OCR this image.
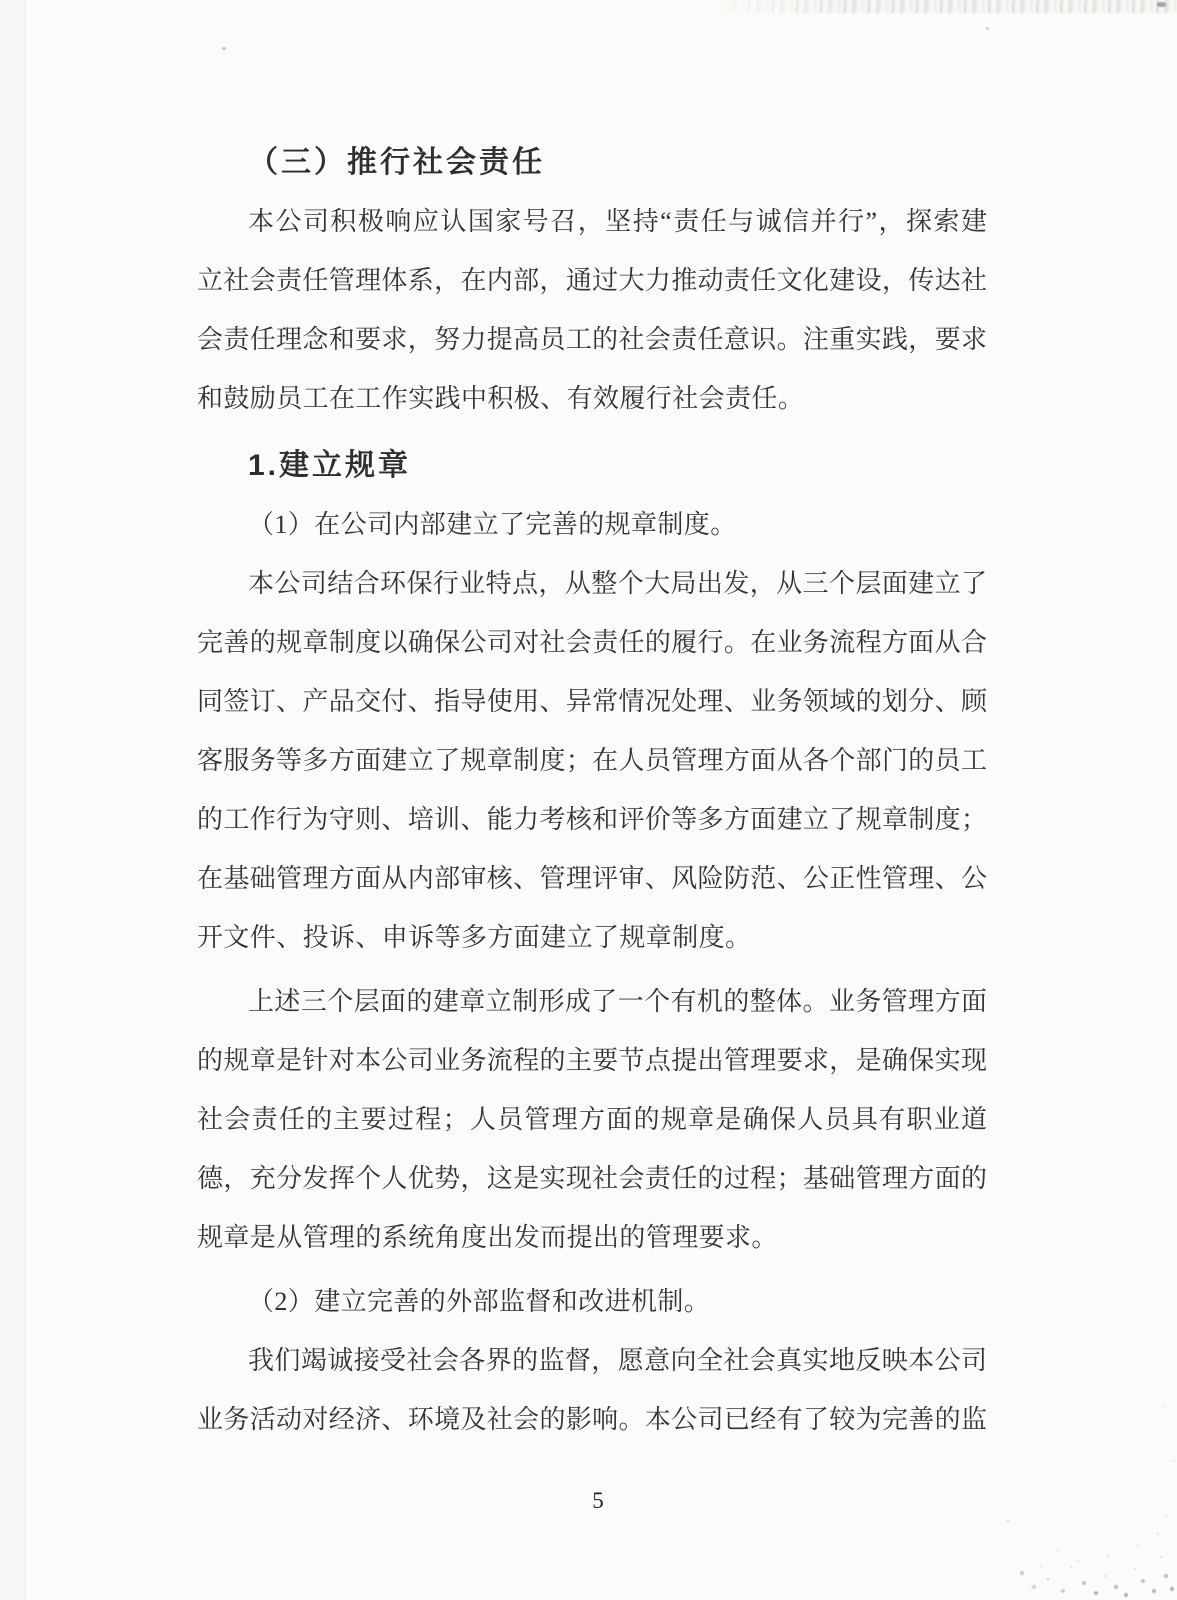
（三）推行社会责任
本公司积极响应认国家号召，坚持“责任与诚信并行”，探索建
立社会责任管理体系，在内部，通过大力推动责任文化建设，传达社
会责任理念和要求，努力提高员工的社会责任意识。注重实践，要求
和鼓励员工在工作实践中积极、有效履行社会责任。
1.建立规章
（1）在公司内部建立了完善的规章制度。
本公司结合环保行业特点，从整个大局出发，从三个层面建立了
完善的规章制度以确保公司对社会责任的履行。在业务流程方面从合
同签订、产品交付、指导使用、异常情况处理、业务领域的划分、顾
客服务等多方面建立了规章制度；在人员管理方面从各个部门的员工
的工作行为守则、培训、能力考核和评价等多方面建立了规章制度；
在基础管理方面从内部审核、管理评审、风险防范、公正性管理、公
开文件、投诉、申诉等多方面建立了规章制度。
上述三个层面的建章立制形成了一个有机的整体。业务管理方面
的规章是针对本公司业务流程的主要节点提出管理要求，是确保实现
社会责任的主要过程；人员管理方面的规章是确保人员具有职业道
德，充分发挥个人优势，这是实现社会责任的过程；基础管理方面的
规章是从管理的系统角度出发而提出的管理要求。
（2）建立完善的外部监督和改进机制。
我们竭诚接受社会各界的监督，愿意向全社会真实地反映本公司
业务活动对经济、环境及社会的影响。本公司已经有了较为完善的监
5
